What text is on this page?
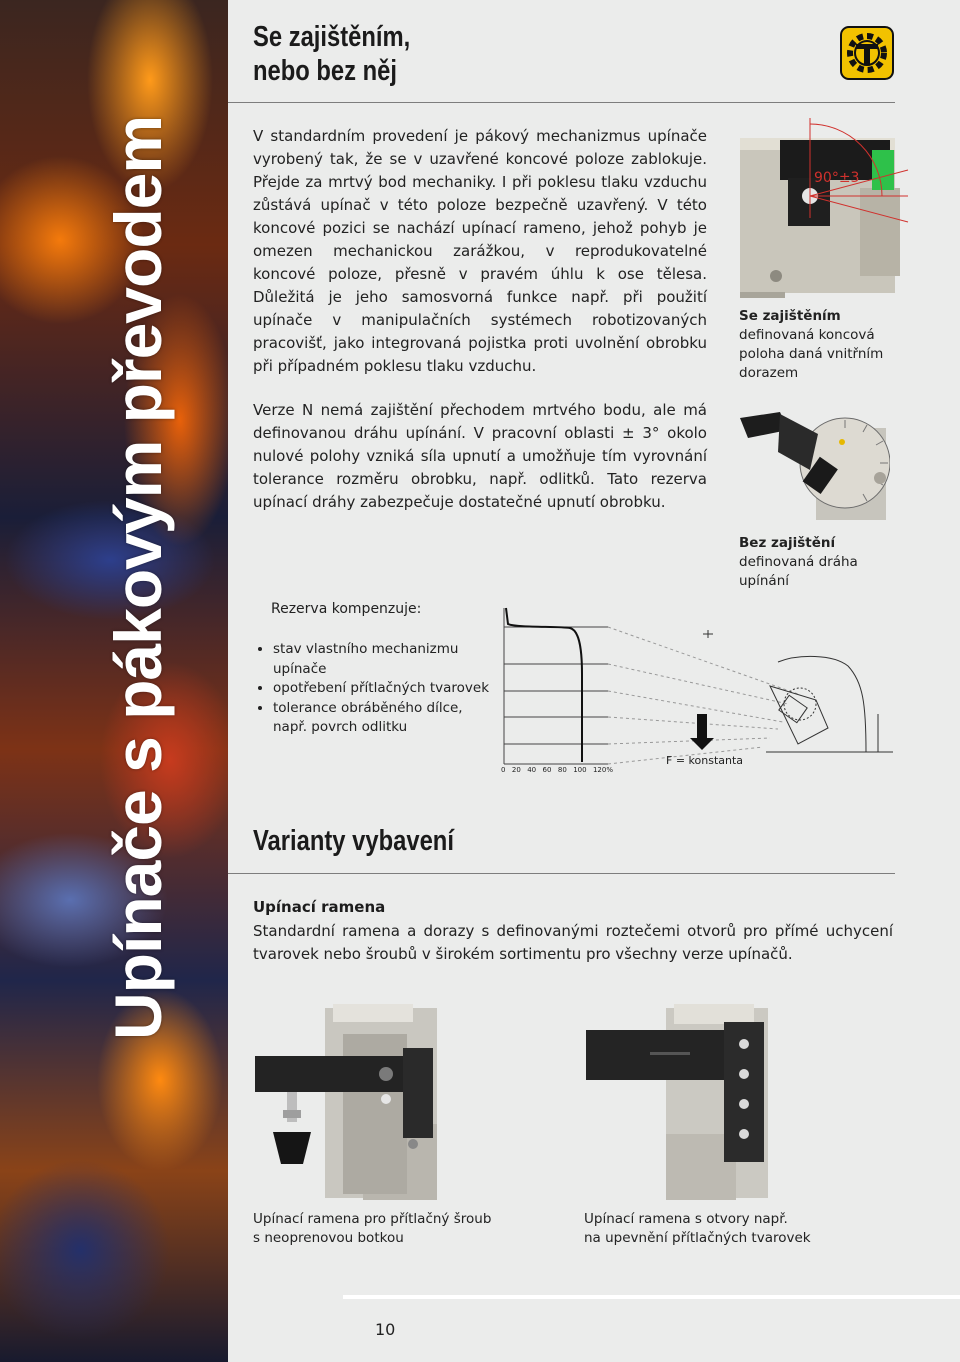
Upínače s pákovým převodem
Se zajištěním,
nebo bez něj

V standardním provedení je pákový mechanizmus upínače vyrobený tak, že se v uzavřené koncové poloze zablokuje. Přejde za mrtvý bod mechaniky. I při poklesu tlaku vzduchu zůstává upínač v této poloze bezpečně uzavřený. V této koncové pozici se nachází upínací rameno, jehož pohyb je omezen mechanickou zarážkou, v reprodukovatelné koncové poloze, přesně v pravém úhlu k ose tělesa. Důležitá je jeho samosvorná funkce např. při použití upínače v manipulačních systémech robotizovaných pracovišť, jako integrovaná pojistka proti uvolnění obrobku při případném poklesu tlaku vzduchu.

Verze N nemá zajištění přechodem mrtvého bodu, ale má definovanou dráhu upínání. V pracovní oblasti ± 3° okolo nulové polohy vzniká síla upnutí a umožňuje tím vyrovnání tolerance rozměru obrobku, např. odlitků. Tato rezerva upínací dráhy zabezpečuje dostatečné upnutí obrobku.

90°±3
Se zajištěním
definovaná koncová poloha daná vnitřním dorazem
Bez zajištění
definovaná dráha upínání
Rezerva kompenzuje:
• stav vlastního mechanizmu upínače
• opotřebení přítlačných tvarovek
• tolerance obráběného dílce, např. povrch odlitku
0 20 40 60 80 100 120%
F = konstanta
Varianty vybavení
Upínací ramena

Standardní ramena a dorazy s definovanými roztečemi otvorů pro přímé uchycení tvarovek nebo šroubů v širokém sortimentu pro všechny verze upínačů.

Upínací ramena pro přítlačný šroub
s neoprenovou botkou
Upínací ramena s otvory např.
na upevnění přítlačných tvarovek
10
